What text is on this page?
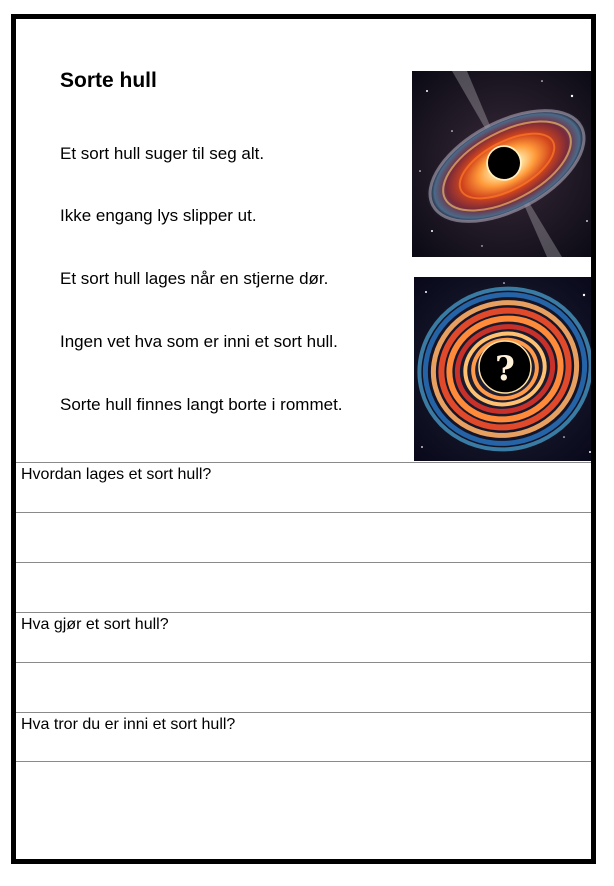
Sorte hull

Et sort hull suger til seg alt.

Ikke engang lys slipper ut.

Et sort hull lages når en stjerne dør.

Ingen vet hva som er inni et sort hull.

Sorte hull finnes langt borte i rommet.

?
Hvordan lages et sort hull?
Hva gjør et sort hull?
Hva tror du er inni et sort hull?
